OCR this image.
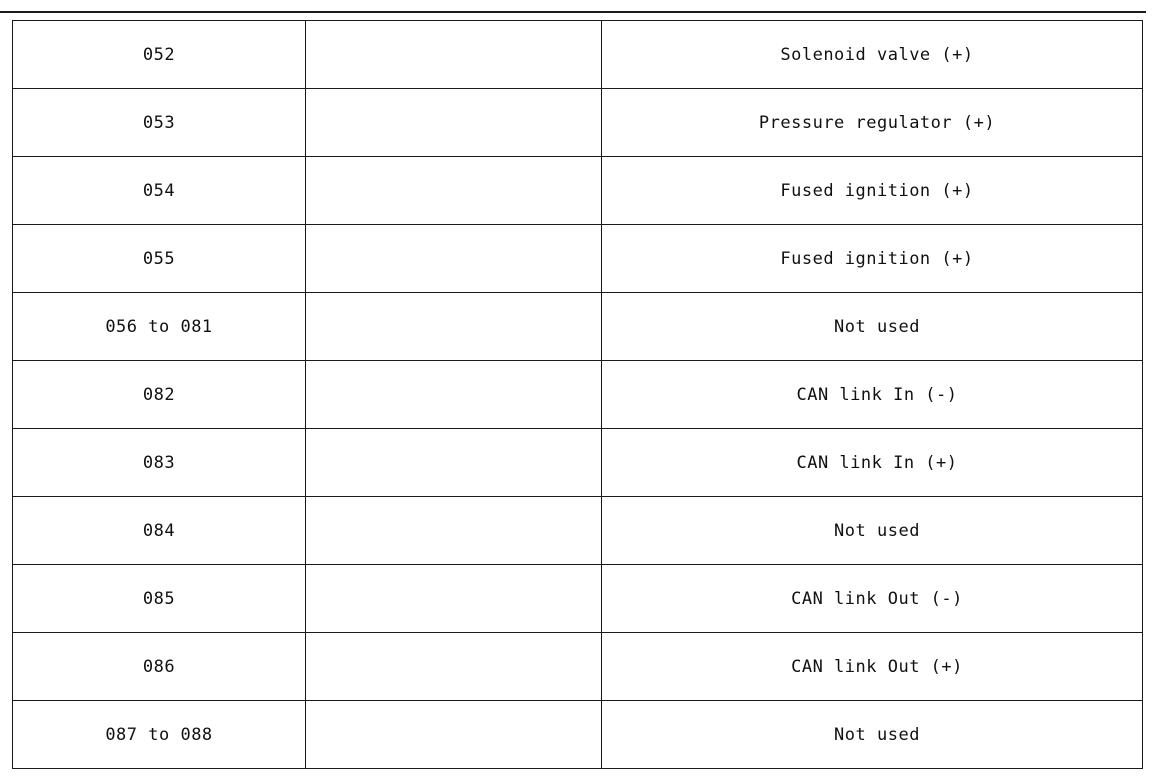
052		Solenoid valve (+)
053		Pressure regulator (+)
054		Fused ignition (+)
055		Fused ignition (+)
056 to 081		Not used
082		CAN link In (-)
083		CAN link In (+)
084		Not used
085		CAN link Out (-)
086		CAN link Out (+)
087 to 088		Not used
